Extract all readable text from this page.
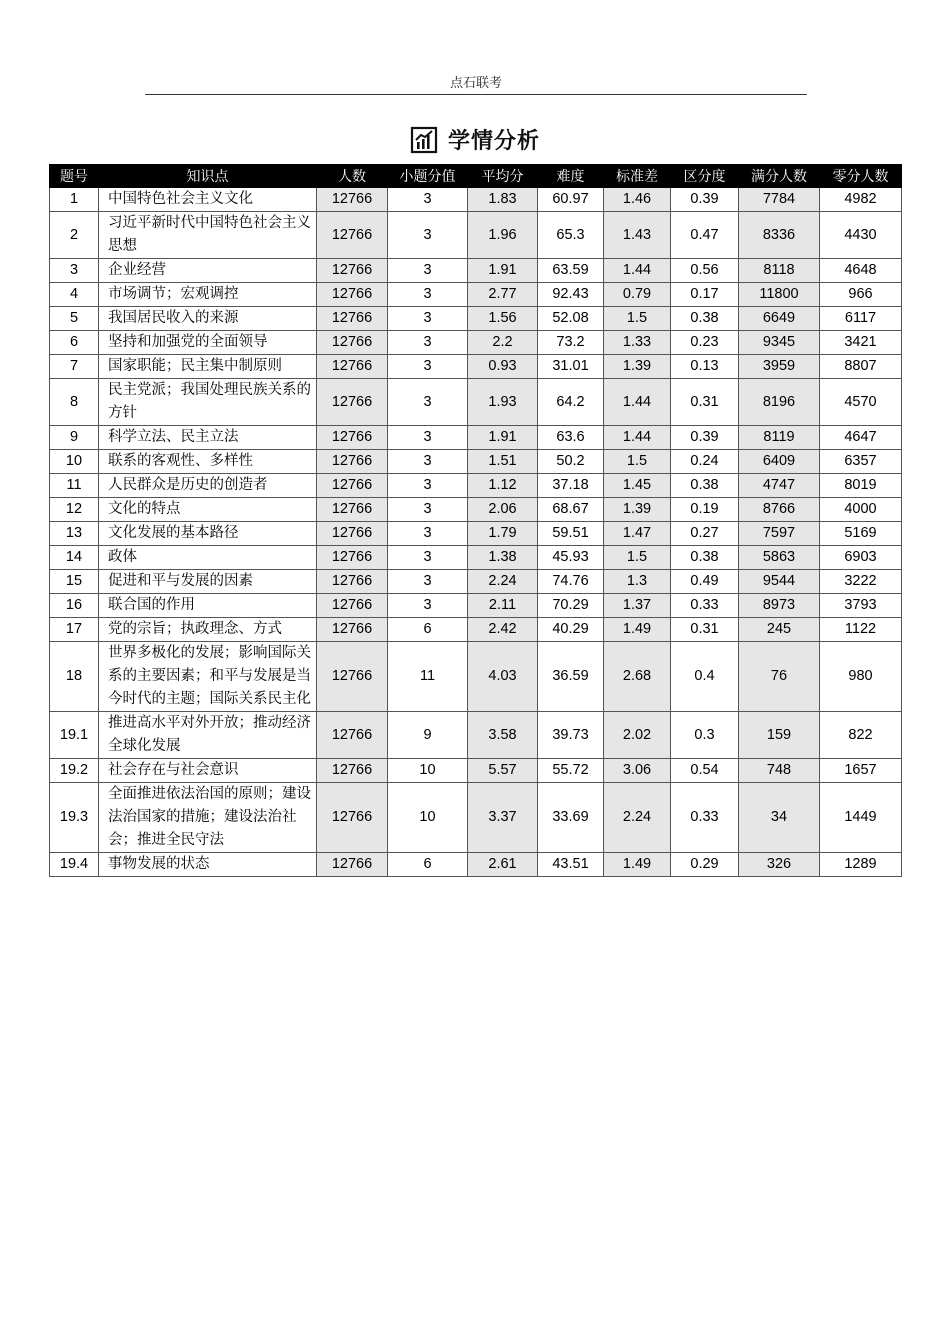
点石联考
学情分析
题号	知识点	人数	小题分值	平均分	难度	标准差	区分度	满分人数	零分人数
1	中国特色社会主义文化	12766	3	1.83	60.97	1.46	0.39	7784	4982
2	习近平新时代中国特色社会主义思想	12766	3	1.96	65.3	1.43	0.47	8336	4430
3	企业经营	12766	3	1.91	63.59	1.44	0.56	8118	4648
4	市场调节；宏观调控	12766	3	2.77	92.43	0.79	0.17	11800	966
5	我国居民收入的来源	12766	3	1.56	52.08	1.5	0.38	6649	6117
6	坚持和加强党的全面领导	12766	3	2.2	73.2	1.33	0.23	9345	3421
7	国家职能；民主集中制原则	12766	3	0.93	31.01	1.39	0.13	3959	8807
8	民主党派；我国处理民族关系的方针	12766	3	1.93	64.2	1.44	0.31	8196	4570
9	科学立法、民主立法	12766	3	1.91	63.6	1.44	0.39	8119	4647
10	联系的客观性、多样性	12766	3	1.51	50.2	1.5	0.24	6409	6357
11	人民群众是历史的创造者	12766	3	1.12	37.18	1.45	0.38	4747	8019
12	文化的特点	12766	3	2.06	68.67	1.39	0.19	8766	4000
13	文化发展的基本路径	12766	3	1.79	59.51	1.47	0.27	7597	5169
14	政体	12766	3	1.38	45.93	1.5	0.38	5863	6903
15	促进和平与发展的因素	12766	3	2.24	74.76	1.3	0.49	9544	3222
16	联合国的作用	12766	3	2.11	70.29	1.37	0.33	8973	3793
17	党的宗旨；执政理念、方式	12766	6	2.42	40.29	1.49	0.31	245	1122
18	世界多极化的发展；影响国际关系的主要因素；和平与发展是当今时代的主题；国际关系民主化	12766	11	4.03	36.59	2.68	0.4	76	980
19.1	推进高水平对外开放；推动经济全球化发展	12766	9	3.58	39.73	2.02	0.3	159	822
19.2	社会存在与社会意识	12766	10	5.57	55.72	3.06	0.54	748	1657
19.3	全面推进依法治国的原则；建设法治国家的措施；建设法治社会；推进全民守法	12766	10	3.37	33.69	2.24	0.33	34	1449
19.4	事物发展的状态	12766	6	2.61	43.51	1.49	0.29	326	1289
